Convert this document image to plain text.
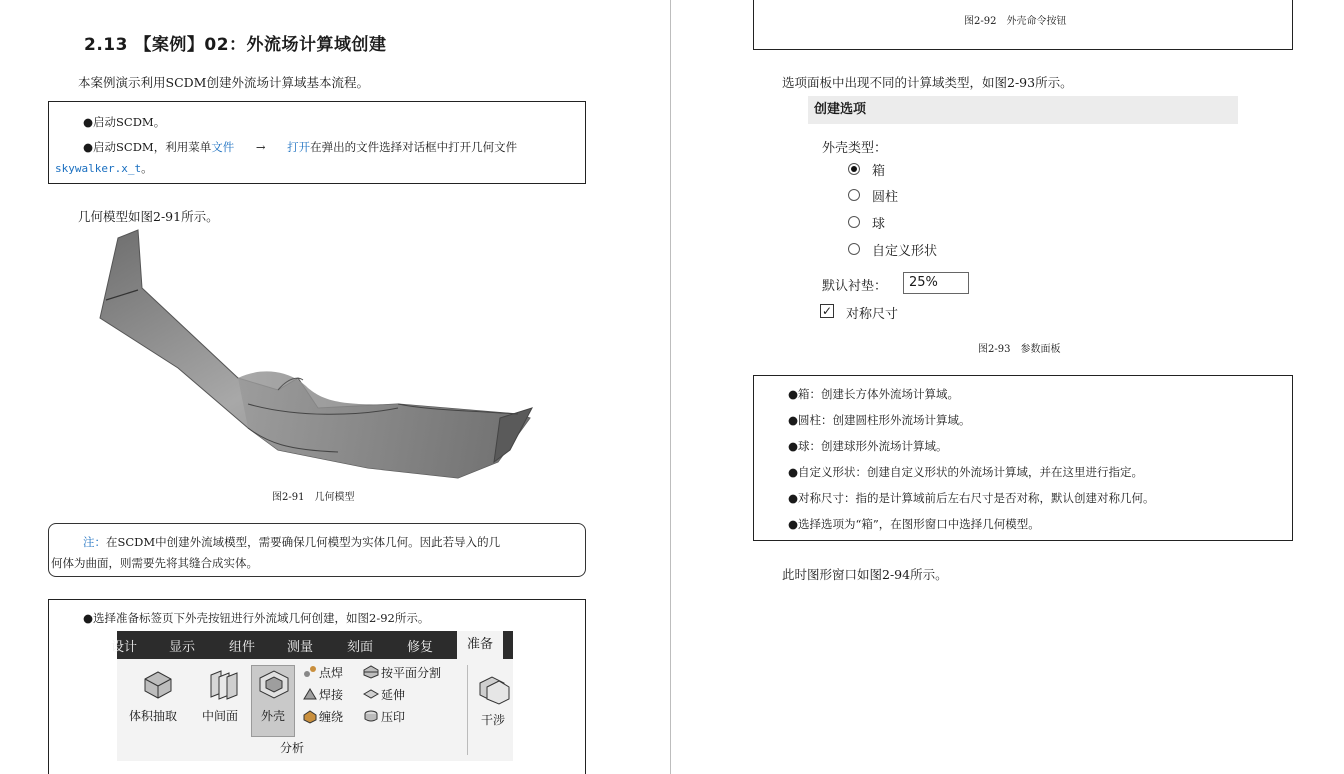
2.13 【案例】02：外流场计算域创建
本案例演示利用SCDM创建外流场计算域基本流程。
●启动SCDM。
●启动SCDM，利用菜单文件 → 打开在弹出的文件选择对话框中打开几何文件
skywalker.x_t。
几何模型如图2-91所示。
图2-91　几何模型
注：在SCDM中创建外流域模型，需要确保几何模型为实体几何。因此若导入的几
何体为曲面，则需要先将其缝合成实体。
●选择准备标签页下外壳按钮进行外流域几何创建，如图2-92所示。
设计 显示	组件 测量	刻面	修复	准备
体积抽取 中间面 外壳
点焊
焊接
缠绕
按平面分割
延伸
压印	干涉
分析
图2-92　外壳命令按钮
选项面板中出现不同的计算域类型，如图2-93所示。
创建选项
外壳类型：
箱
圆柱
球
自定义形状
默认衬垫：	25%
✓ 对称尺寸
图2-93　参数面板
●箱：创建长方体外流场计算域。
●圆柱：创建圆柱形外流场计算域。
●球：创建球形外流场计算域。
●自定义形状：创建自定义形状的外流场计算域，并在这里进行指定。
●对称尺寸：指的是计算域前后左右尺寸是否对称，默认创建对称几何。
●选择选项为“箱”，在图形窗口中选择几何模型。
此时图形窗口如图2-94所示。
